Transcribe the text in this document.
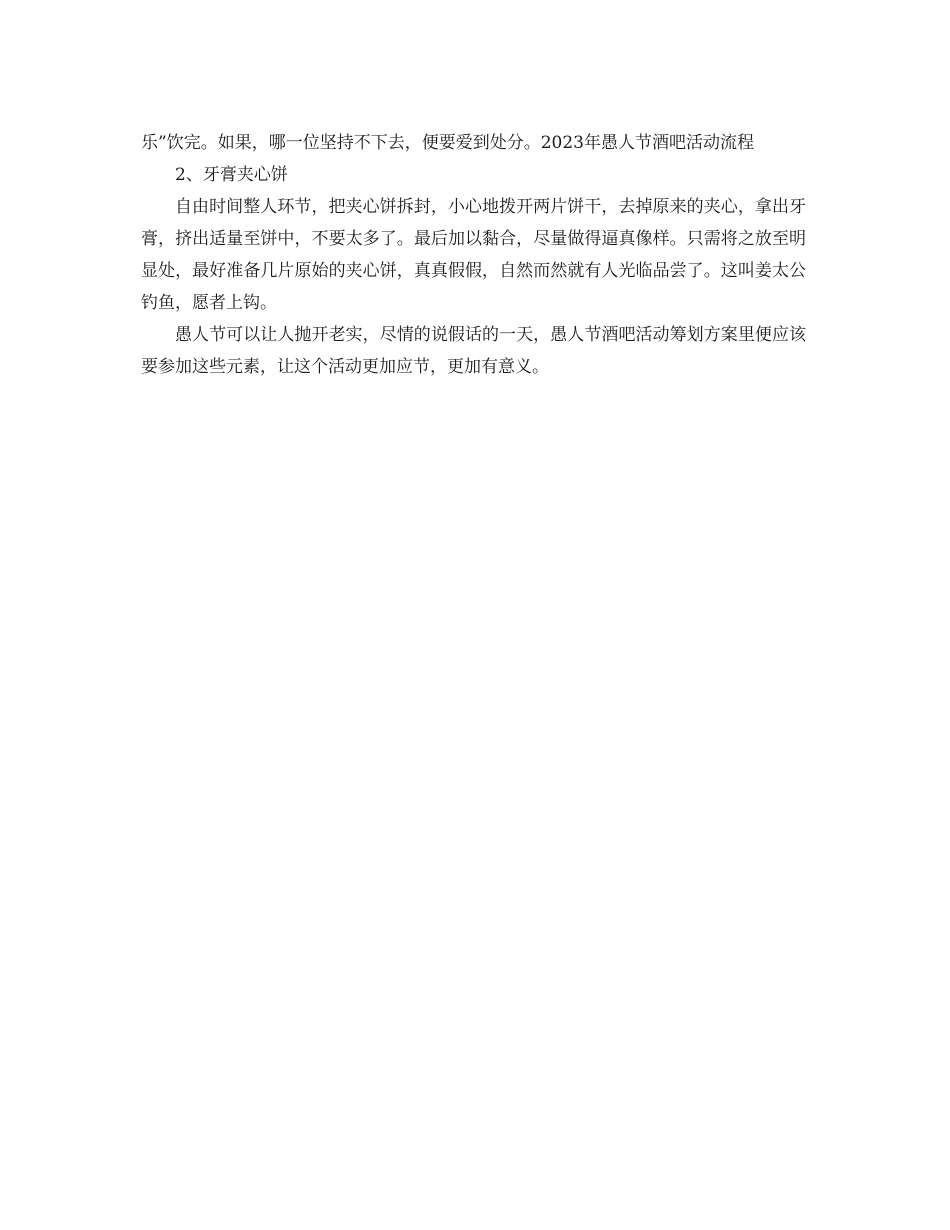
乐”饮完。如果，哪一位坚持不下去，便要爱到处分。2023年愚人节酒吧活动流程

2、牙膏夹心饼

自由时间整人环节，把夹心饼拆封，小心地拨开两片饼干，去掉原来的夹心，拿出牙膏，挤出适量至饼中，不要太多了。最后加以黏合，尽量做得逼真像样。只需将之放至明显处，最好准备几片原始的夹心饼，真真假假，自然而然就有人光临品尝了。这叫姜太公钓鱼，愿者上钩。

愚人节可以让人抛开老实，尽情的说假话的一天，愚人节酒吧活动筹划方案里便应该要参加这些元素，让这个活动更加应节，更加有意义。
